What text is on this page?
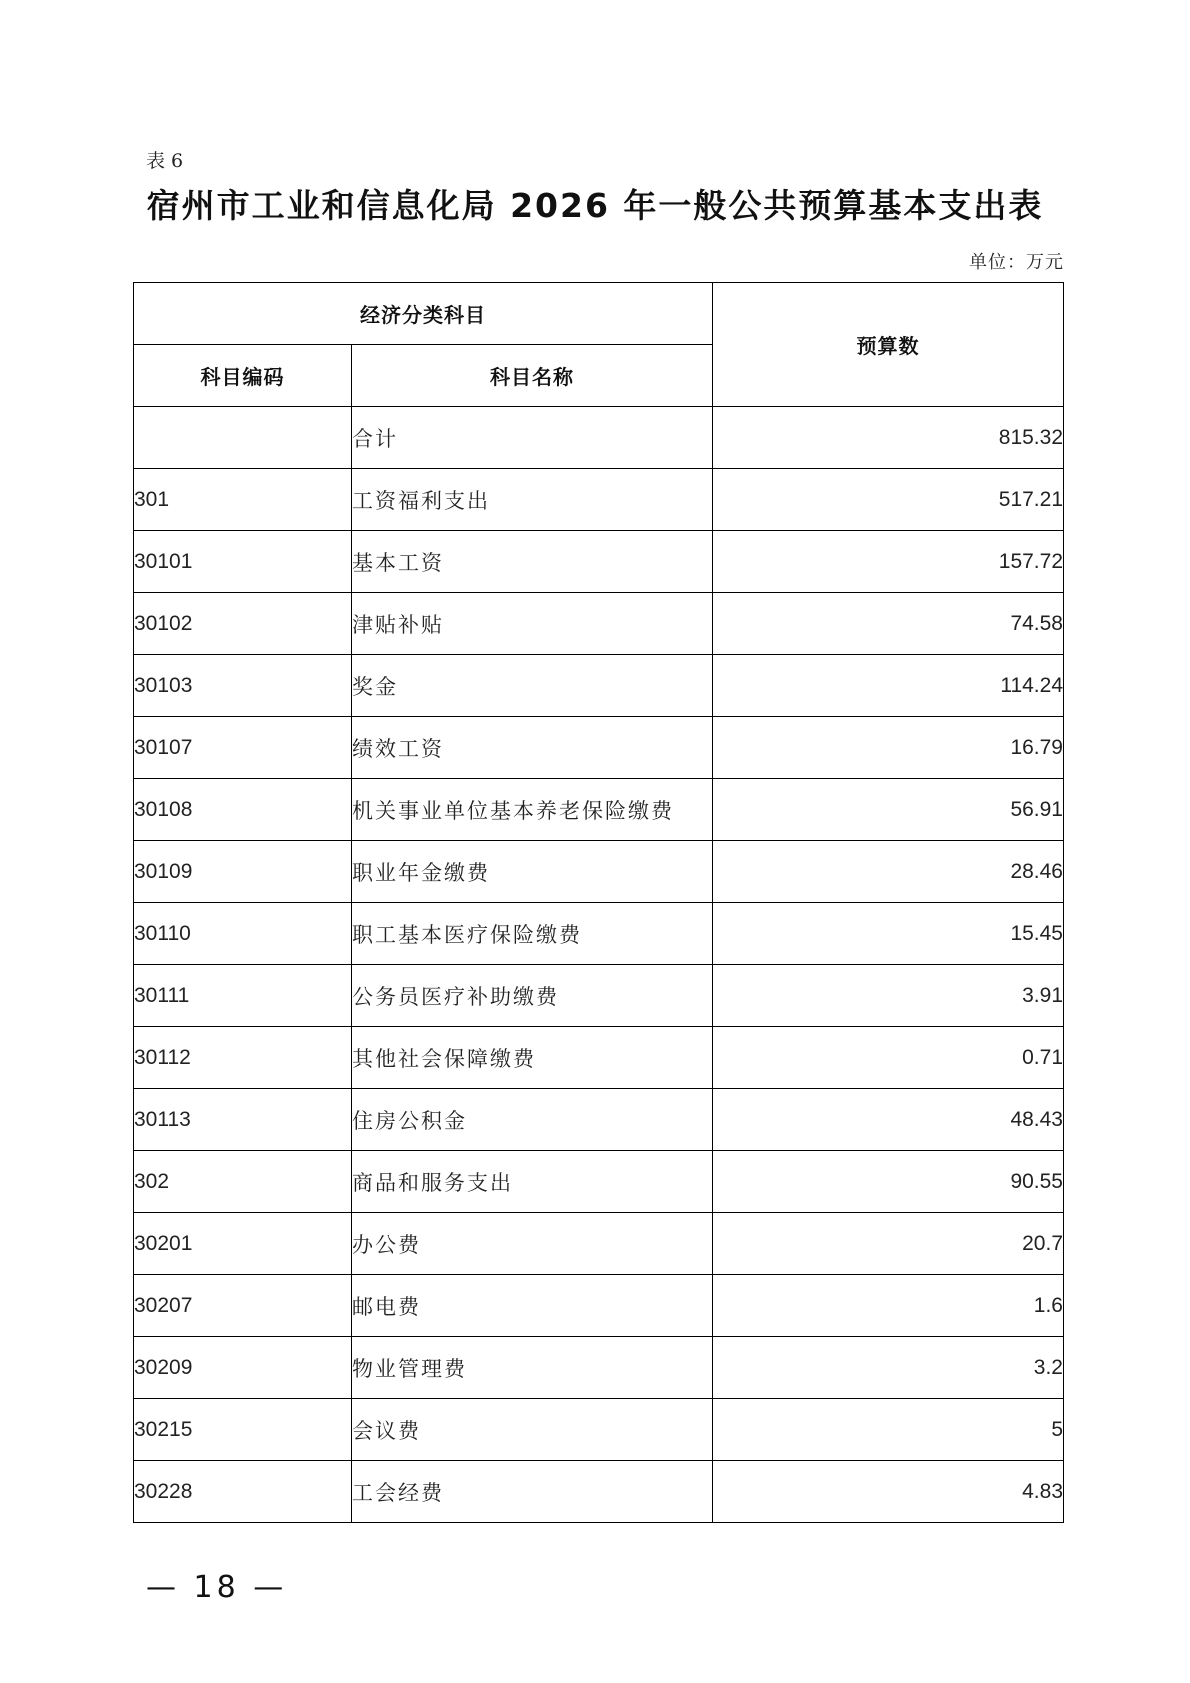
表 6
宿州市工业和信息化局 2026 年一般公共预算基本支出表
单位：万元
经济分类科目		预算数
科目编码	科目名称	
	合计	815.32
301	工资福利支出	517.21
30101	基本工资	157.72
30102	津贴补贴	74.58
30103	奖金	114.24
30107	绩效工资	16.79
30108	机关事业单位基本养老保险缴费	56.91
30109	职业年金缴费	28.46
30110	职工基本医疗保险缴费	15.45
30111	公务员医疗补助缴费	3.91
30112	其他社会保障缴费	0.71
30113	住房公积金	48.43
302	商品和服务支出	90.55
30201	办公费	20.7
30207	邮电费	1.6
30209	物业管理费	3.2
30215	会议费	5
30228	工会经费	4.83
— 18 —
